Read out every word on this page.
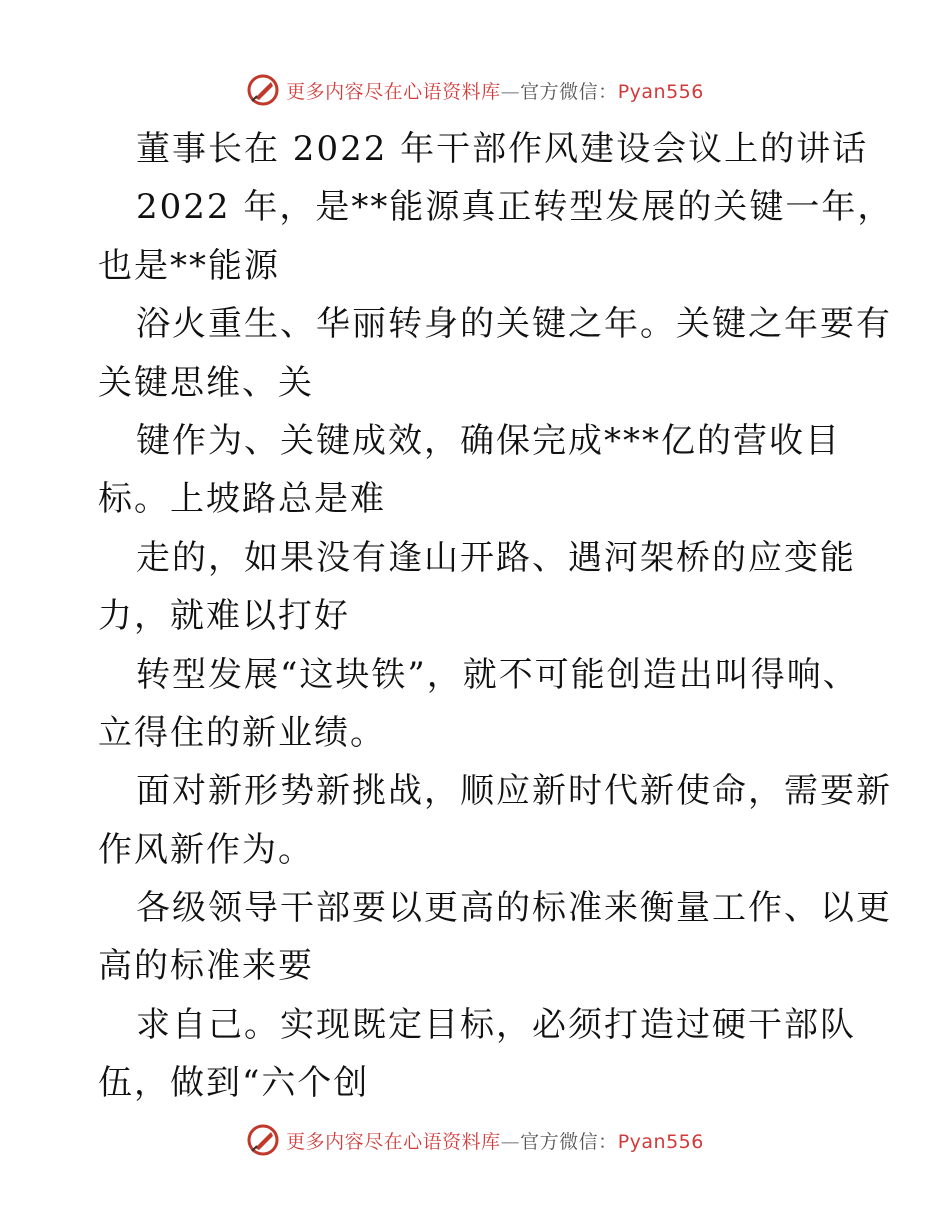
更多内容尽在心语资料库—官方微信：Pyan556
董事长在 2022 年干部作风建设会议上的讲话
2022 年，是**能源真正转型发展的关键一年，
也是**能源
浴火重生、华丽转身的关键之年。关键之年要有
关键思维、关
键作为、关键成效，确保完成***亿的营收目
标。上坡路总是难
走的，如果没有逢山开路、遇河架桥的应变能
力，就难以打好
转型发展“这块铁”，就不可能创造出叫得响、
立得住的新业绩。
面对新形势新挑战，顺应新时代新使命，需要新
作风新作为。
各级领导干部要以更高的标准来衡量工作、以更
高的标准来要
求自己。实现既定目标，必须打造过硬干部队
伍，做到“六个创
更多内容尽在心语资料库—官方微信：Pyan556
